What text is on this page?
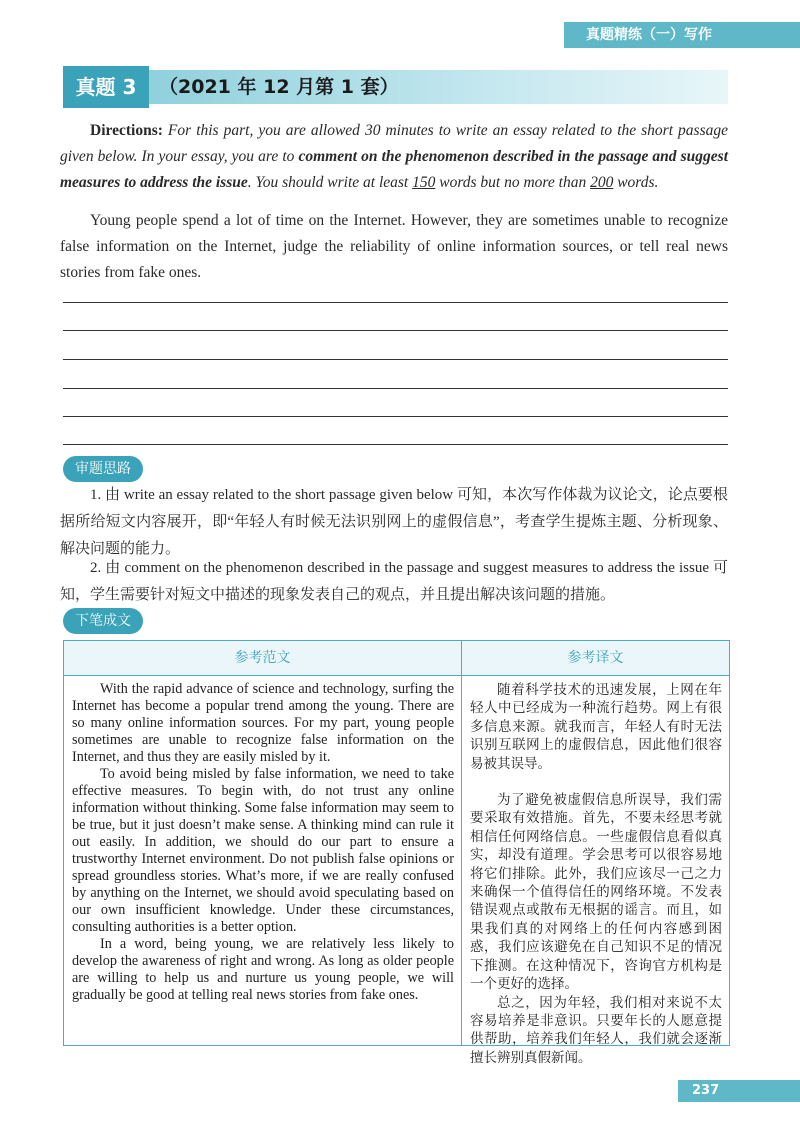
真题精练（一）写作
真题 3	（2021 年 12 月第 1 套）
Directions: For this part, you are allowed 30 minutes to write an essay related to the short passage given below. In your essay, you are to comment on the phenomenon described in the passage and suggest measures to address the issue. You should write at least 150 words but no more than 200 words.
Young people spend a lot of time on the Internet. However, they are sometimes unable to recognize false information on the Internet, judge the reliability of online information sources, or tell real news stories from fake ones.
审题思路
1. 由 write an essay related to the short passage given below 可知，本次写作体裁为议论文，论点要根据所给短文内容展开，即“年轻人有时候无法识别网上的虚假信息”，考查学生提炼主题、分析现象、解决问题的能力。
2. 由 comment on the phenomenon described in the passage and suggest measures to address the issue 可知，学生需要针对短文中描述的现象发表自己的观点，并且提出解决该问题的措施。
下笔成文
参考范文	参考译文

With the rapid advance of science and technology, surfing the Internet has become a popular trend among the young. There are so many online information sources. For my part, young people sometimes are unable to recognize false information on the Internet, and thus they are easily misled by it.

To avoid being misled by false information, we need to take effective measures. To begin with, do not trust any online information without thinking. Some false information may seem to be true, but it just doesn’t make sense. A thinking mind can rule it out easily. In addition, we should do our part to ensure a trustworthy Internet environment. Do not publish false opinions or spread groundless stories. What’s more, if we are really confused by anything on the Internet, we should avoid speculating based on our own insufficient knowledge. Under these circumstances, consulting authorities is a better option.

In a word, being young, we are relatively less likely to develop the awareness of right and wrong. As long as older people are willing to help us and nurture us young people, we will gradually be good at telling real news stories from fake ones.

随着科学技术的迅速发展，上网在年轻人中已经成为一种流行趋势。网上有很多信息来源。就我而言，年轻人有时无法识别互联网上的虚假信息，因此他们很容易被其误导。

为了避免被虚假信息所误导，我们需要采取有效措施。首先，不要未经思考就相信任何网络信息。一些虚假信息看似真实，却没有道理。学会思考可以很容易地将它们排除。此外，我们应该尽一己之力来确保一个值得信任的网络环境。不发表错误观点或散布无根据的谣言。而且，如果我们真的对网络上的任何内容感到困惑，我们应该避免在自己知识不足的情况下推测。在这种情况下，咨询官方机构是一个更好的选择。

总之，因为年轻，我们相对来说不太容易培养是非意识。只要年长的人愿意提供帮助，培养我们年轻人，我们就会逐渐擅长辨别真假新闻。

237
